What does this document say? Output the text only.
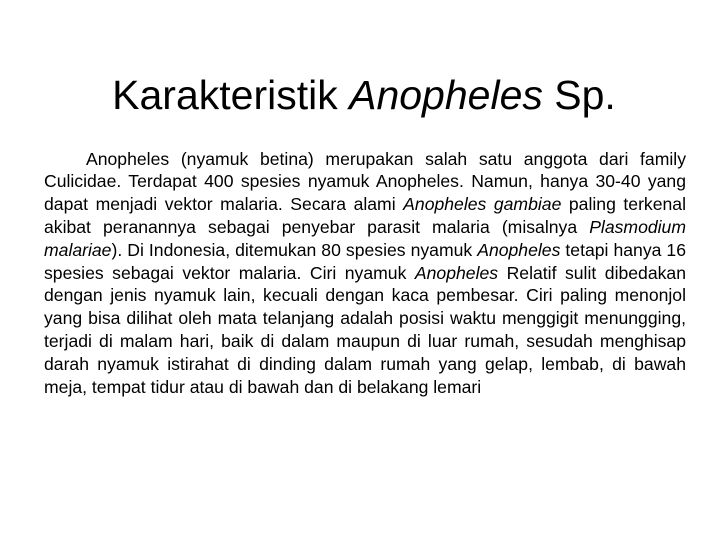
Karakteristik Anopheles Sp.

Anopheles (nyamuk betina) merupakan salah satu anggota dari family Culicidae. Terdapat 400 spesies nyamuk Anopheles. Namun, hanya 30-40 yang dapat menjadi vektor malaria. Secara alami Anopheles gambiae paling terkenal akibat peranannya sebagai penyebar parasit malaria (misalnya Plasmodium malariae). Di Indonesia, ditemukan 80 spesies nyamuk Anopheles tetapi hanya 16 spesies sebagai vektor malaria. Ciri nyamuk Anopheles Relatif sulit dibedakan dengan jenis nyamuk lain, kecuali dengan kaca pembesar. Ciri paling menonjol yang bisa dilihat oleh mata telanjang adalah posisi waktu menggigit menungging, terjadi di malam hari, baik di dalam maupun di luar rumah, sesudah menghisap darah nyamuk istirahat di dinding dalam rumah yang gelap, lembab, di bawah meja, tempat tidur atau di bawah dan di belakang lemari
